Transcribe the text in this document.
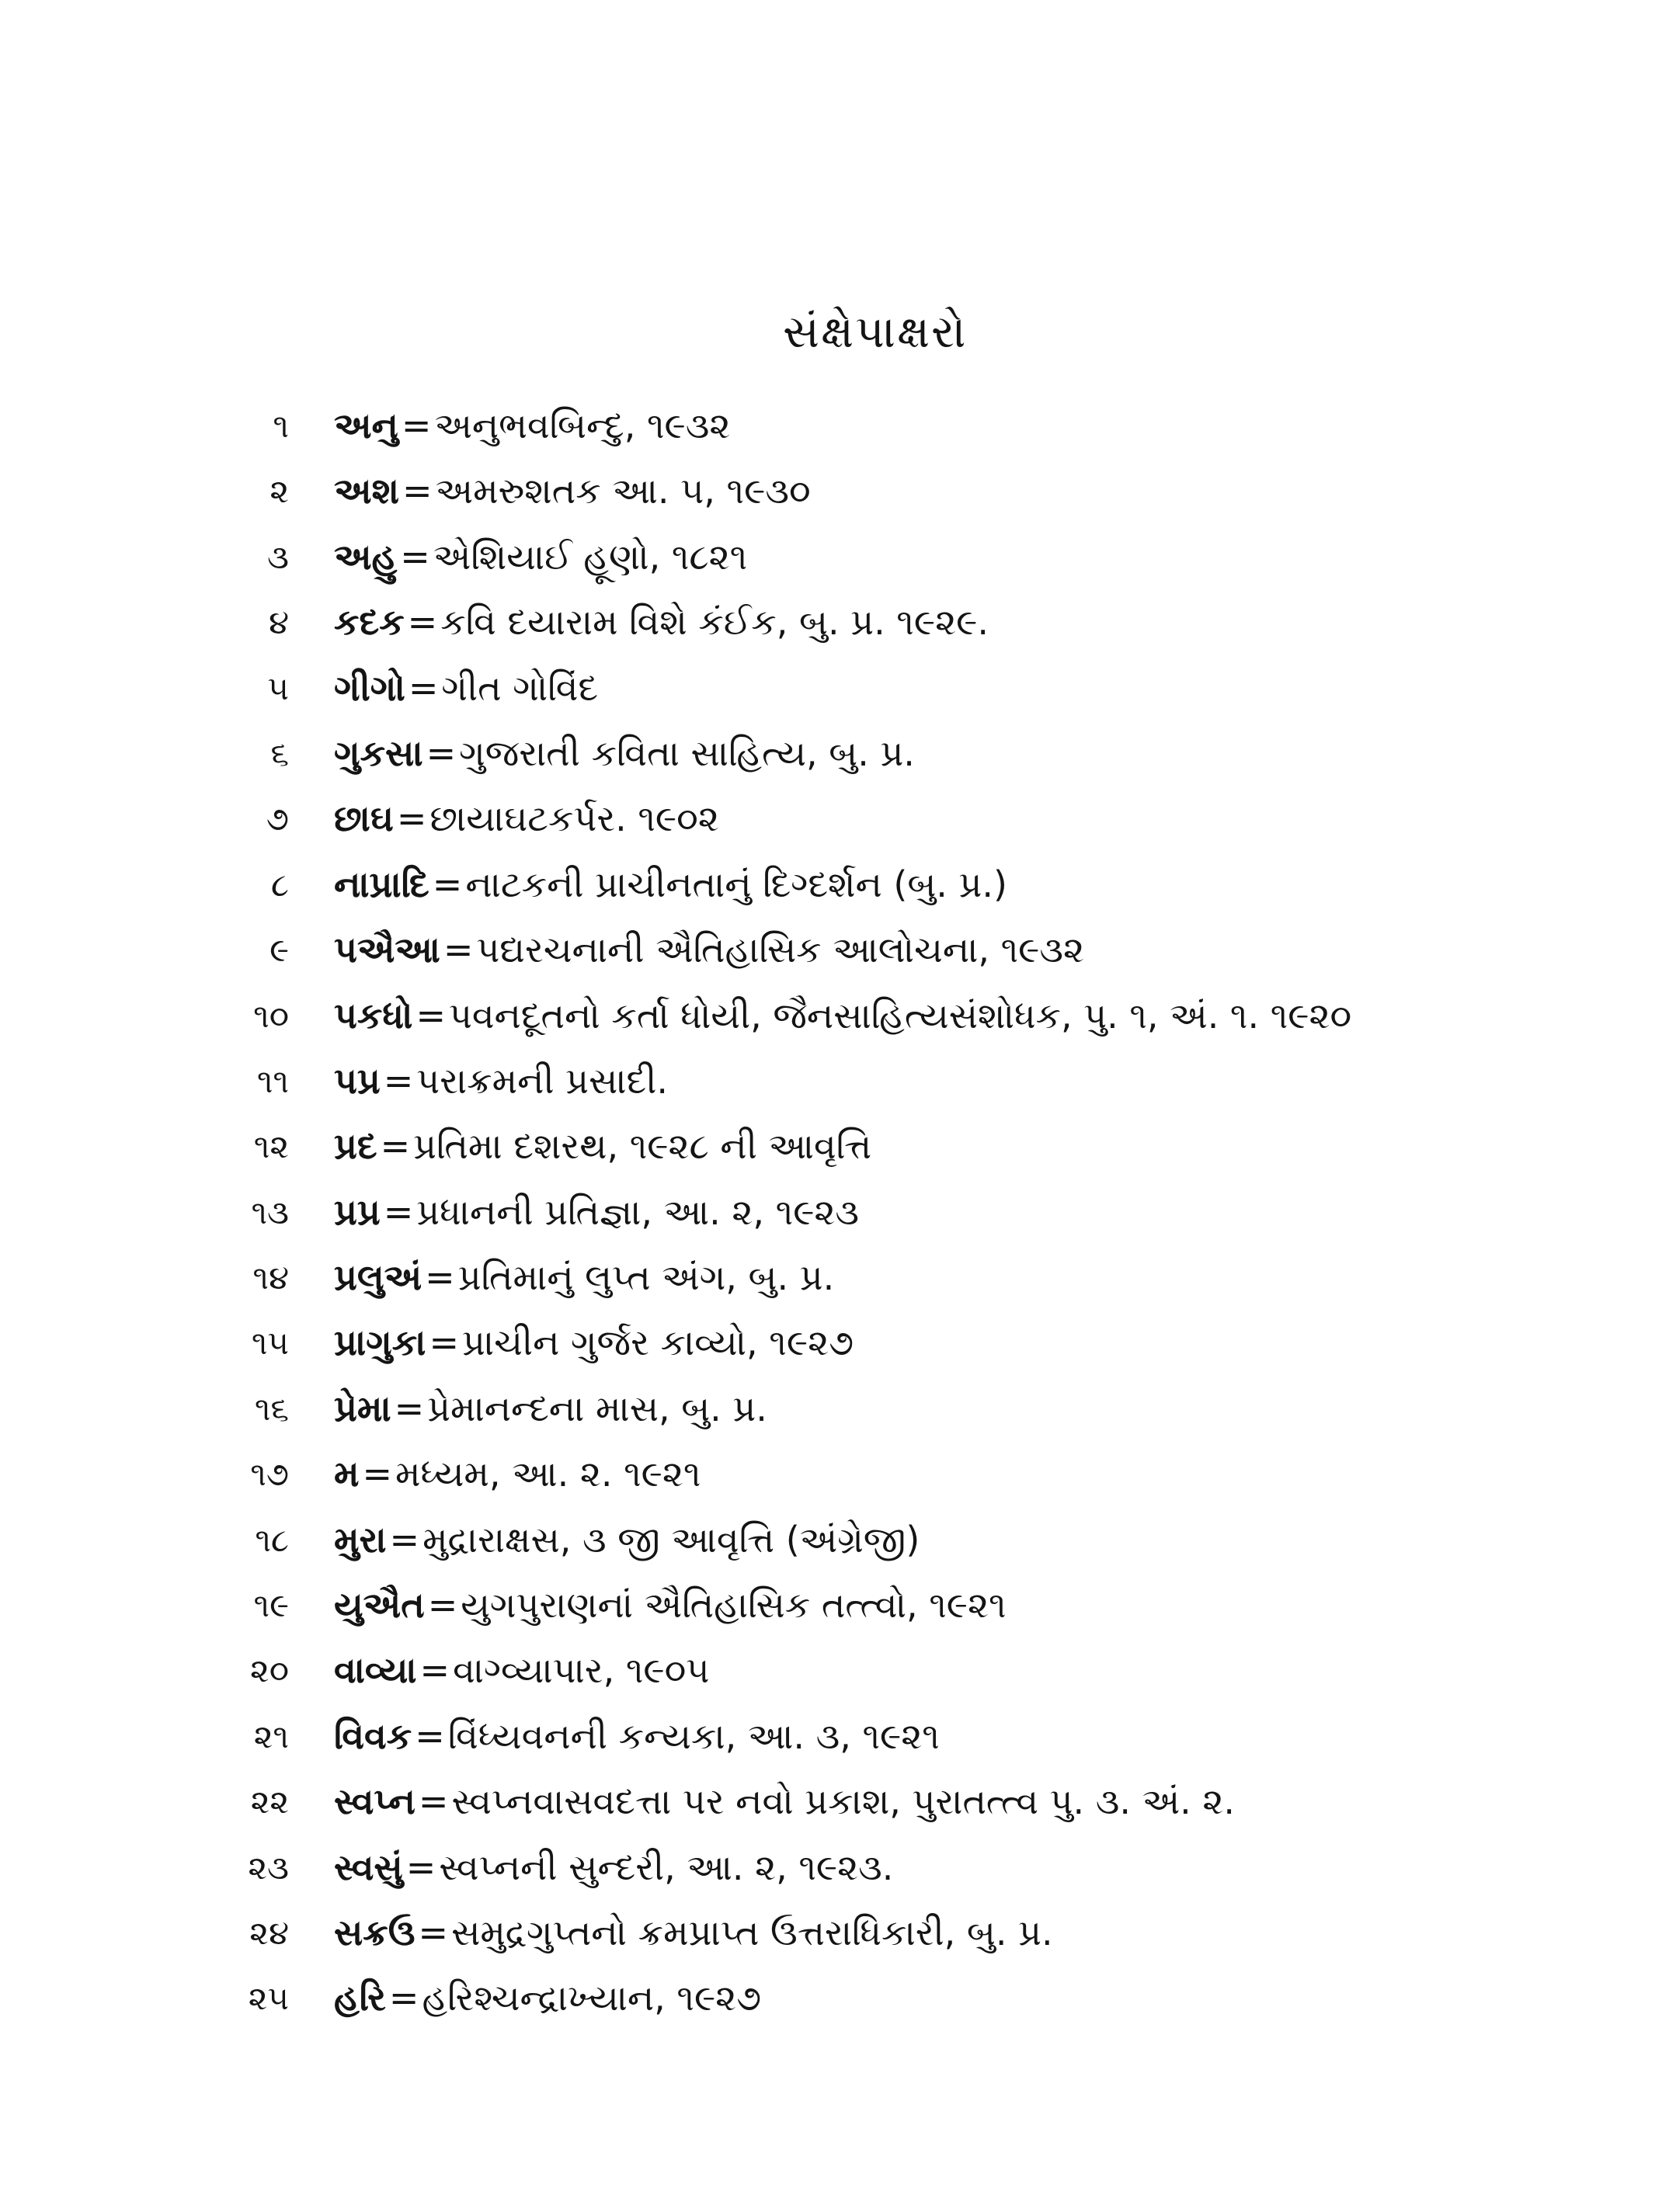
સંક્ષેપાક્ષરો
૧ અનુ=અનુભવબિન્દુ, ૧૯૩૨
૨ અશ=અમરુશતક આ. ૫, ૧૯૩૦
૩ અહુ=એશિયાઈ હૂણો, ૧૮૨૧
૪ કદક=કવિ દયારામ વિશે કંઈક, બુ. પ્ર. ૧૯૨૯.
૫ ગીગો=ગીત ગોવિંદ
૬ ગુકસા=ગુજરાતી કવિતા સાહિત્ય, બુ. પ્ર.
૭ છાઘ=છાયાઘટકર્પર. ૧૯૦૨
૮ નાપ્રાદિ=નાટકની પ્રાચીનતાનું દિગ્દર્શન (બુ. પ્ર.)
૯ પઐઆ=પદ્યરચનાની ઐતિહાસિક આલોચના, ૧૯૩૨
૧૦ પકધો=પવનદૂતનો કર્તા ધોયી, જૈનસાહિત્યસંશોધક, પુ. ૧, અં. ૧. ૧૯૨૦
૧૧ પપ્ર=પરાક્રમની પ્રસાદી.
૧૨ પ્રદ=પ્રતિમા દશરથ, ૧૯૨૮ ની આવૃત્તિ
૧૩ પ્રપ્ર=પ્રધાનની પ્રતિજ્ઞા, આ. ૨, ૧૯૨૩
૧૪ પ્રલુઅં=પ્રતિમાનું લુપ્ત અંગ, બુ. પ્ર.
૧૫ પ્રાગુકા=પ્રાચીન ગુર્જર કાવ્યો, ૧૯૨૭
૧૬ પ્રેમા=પ્રેમાનન્દના માસ, બુ. પ્ર.
૧૭ મ=મધ્યમ, આ. ૨. ૧૯૨૧
૧૮ મુરા=મુદ્રારાક્ષસ, ૩ જી આવૃત્તિ (અંગ્રેજી)
૧૯ યુઐત=યુગપુરાણનાં ઐતિહાસિક તત્ત્વો, ૧૯૨૧
૨૦ વાવ્યા=વાગ્વ્યાપાર, ૧૯૦૫
૨૧ વિવક=વિંધ્યવનની કન્યકા, આ. ૩, ૧૯૨૧
૨૨ સ્વપ્ન=સ્વપ્નવાસવદત્તા પર નવો પ્રકાશ, પુરાતત્ત્વ પુ. ૩. અં. ૨.
૨૩ સ્વસું=સ્વપ્નની સુન્દરી, આ. ૨, ૧૯૨૩.
૨૪ સક્રઉ=સમુદ્રગુપ્તનો ક્રમપ્રાપ્ત ઉત્તરાધિકારી, બુ. પ્ર.
૨૫ હરિ=હરિશ્ચન્દ્રાખ્યાન, ૧૯૨૭
